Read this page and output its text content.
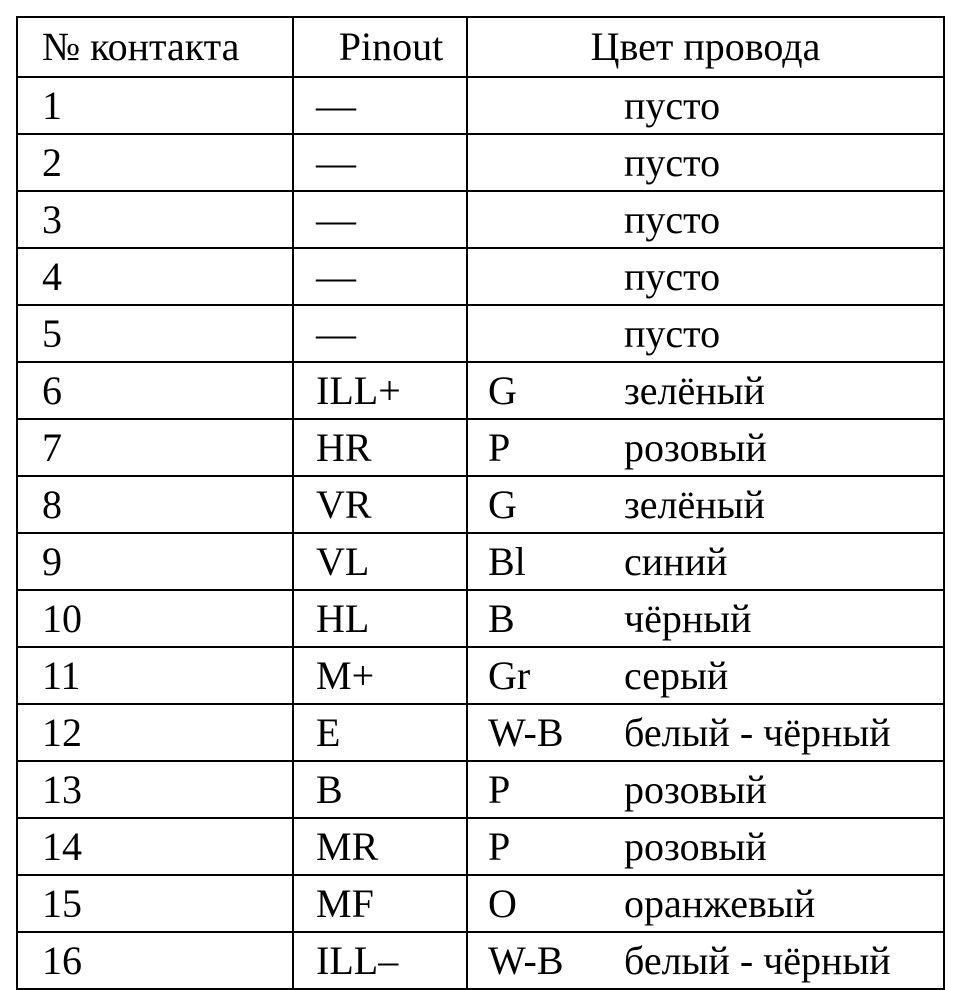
№ контакта	Pinout	Цвет провода
1	—	пусто
2	—	пусто
3	—	пусто
4	—	пусто
5	—	пусто
6	ILL+	G зелёный
7	HR	P розовый
8	VR	G зелёный
9	VL	Bl синий
10	HL	B чёрный
11	M+	Gr серый
12	E	W-B белый - чёрный
13	B	P розовый
14	MR	P розовый
15	MF	O оранжевый
16	ILL–	W-B белый - чёрный
